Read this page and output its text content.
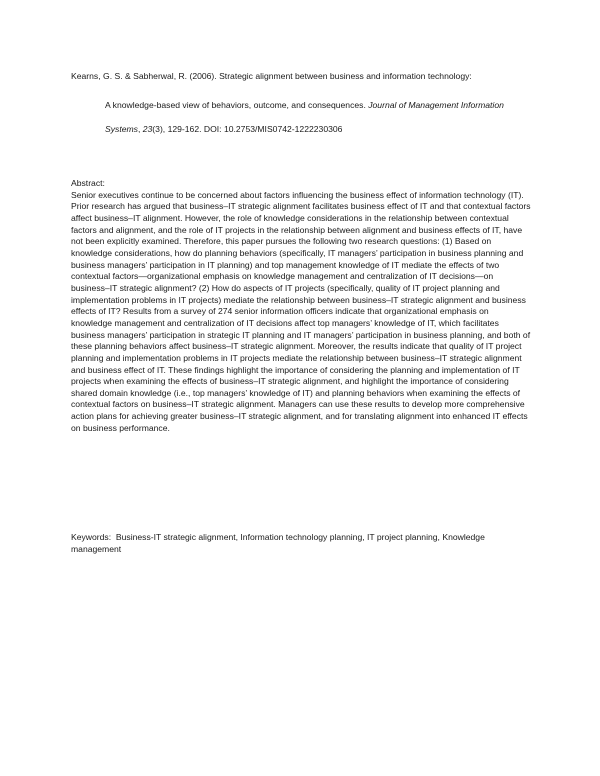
Kearns, G. S. & Sabherwal, R. (2006). Strategic alignment between business and information technology:
A knowledge-based view of behaviors, outcome, and consequences. Journal of Management Information Systems, 23(3), 129-162. DOI: 10.2753/MIS0742-1222230306
Abstract:
Senior executives continue to be concerned about factors influencing the business effect of information technology (IT). Prior research has argued that business–IT strategic alignment facilitates business effect of IT and that contextual factors affect business–IT alignment. However, the role of knowledge considerations in the relationship between contextual factors and alignment, and the role of IT projects in the relationship between alignment and business effects of IT, have not been explicitly examined. Therefore, this paper pursues the following two research questions: (1) Based on knowledge considerations, how do planning behaviors (specifically, IT managers’ participation in business planning and business managers’ participation in IT planning) and top management knowledge of IT mediate the effects of two contextual factors—organizational emphasis on knowledge management and centralization of IT decisions—on business–IT strategic alignment? (2) How do aspects of IT projects (specifically, quality of IT project planning and implementation problems in IT projects) mediate the relationship between business–IT strategic alignment and business effects of IT? Results from a survey of 274 senior information officers indicate that organizational emphasis on knowledge management and centralization of IT decisions affect top managers’ knowledge of IT, which facilitates business managers’ participation in strategic IT planning and IT managers’ participation in business planning, and both of these planning behaviors affect business–IT strategic alignment. Moreover, the results indicate that quality of IT project planning and implementation problems in IT projects mediate the relationship between business–IT strategic alignment and business effect of IT. These findings highlight the importance of considering the planning and implementation of IT projects when examining the effects of business–IT strategic alignment, and highlight the importance of considering shared domain knowledge (i.e., top managers’ knowledge of IT) and planning behaviors when examining the effects of contextual factors on business–IT strategic alignment. Managers can use these results to develop more comprehensive action plans for achieving greater business–IT strategic alignment, and for translating alignment into enhanced IT effects on business performance.
Keywords: Business-IT strategic alignment, Information technology planning, IT project planning, Knowledge management
